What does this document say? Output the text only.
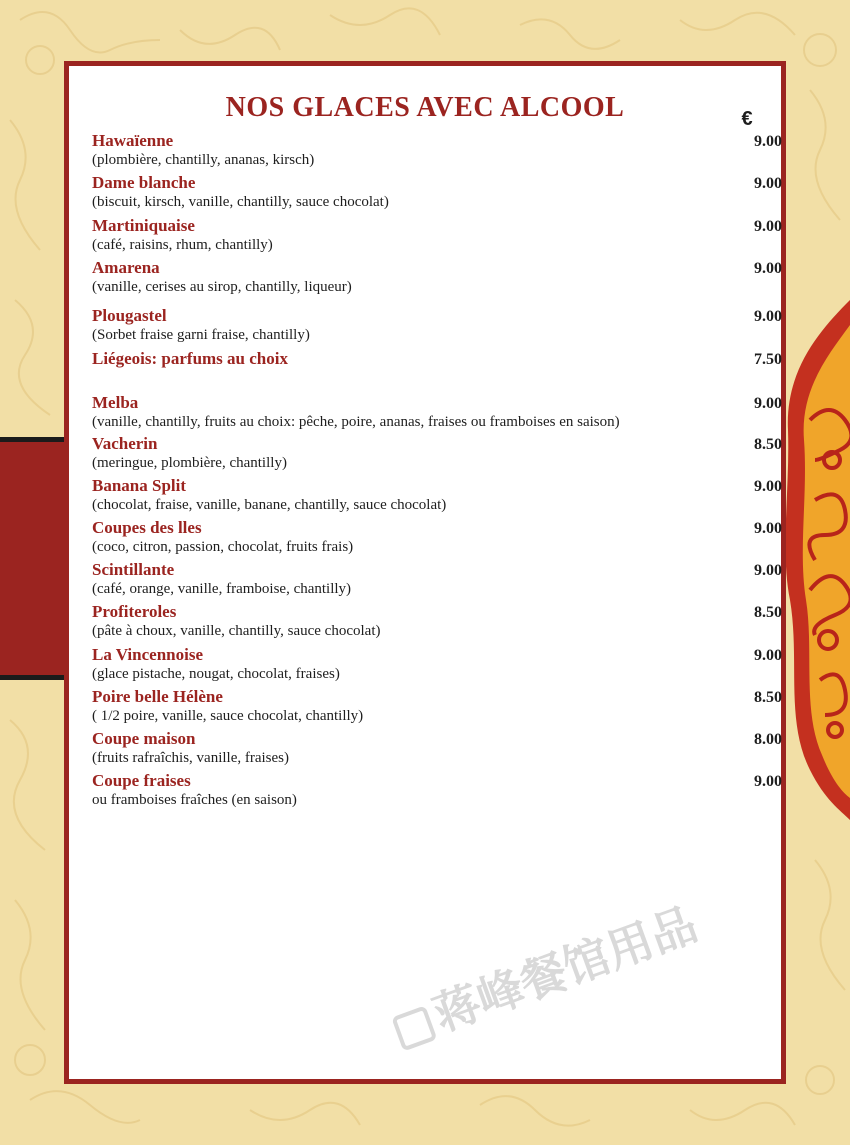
NOS GLACES AVEC ALCOOL	€
Hawaïenne
(plombière, chantilly, ananas, kirsch)
9.00
Dame blanche
(biscuit, kirsch, vanille, chantilly, sauce chocolat)
9.00
Martiniquaise
(café, raisins, rhum, chantilly)
9.00
Amarena
(vanille, cerises au sirop, chantilly, liqueur)
9.00
Plougastel
(Sorbet fraise garni fraise, chantilly)
9.00
Liégeois: parfums au choix	7.50
Melba
(vanille, chantilly, fruits au choix: pêche, poire, ananas, fraises ou framboises en saison)
9.00
Vacherin
(meringue, plombière, chantilly)
8.50
Banana Split
(chocolat, fraise, vanille, banane, chantilly, sauce chocolat)
9.00
Coupes des lles
(coco, citron, passion, chocolat, fruits frais)
9.00
Scintillante
(café, orange, vanille, framboise, chantilly)
9.00
Profiteroles
(pâte à choux, vanille, chantilly, sauce chocolat)
8.50
La Vincennoise
(glace pistache, nougat, chocolat, fraises)
9.00
Poire belle Hélène
( 1/2 poire, vanille, sauce chocolat, chantilly)
8.50
Coupe maison
(fruits rafraîchis, vanille, fraises)
8.00
Coupe fraises
ou framboises fraîches (en saison)
9.00
蒋峰餐馆用品
